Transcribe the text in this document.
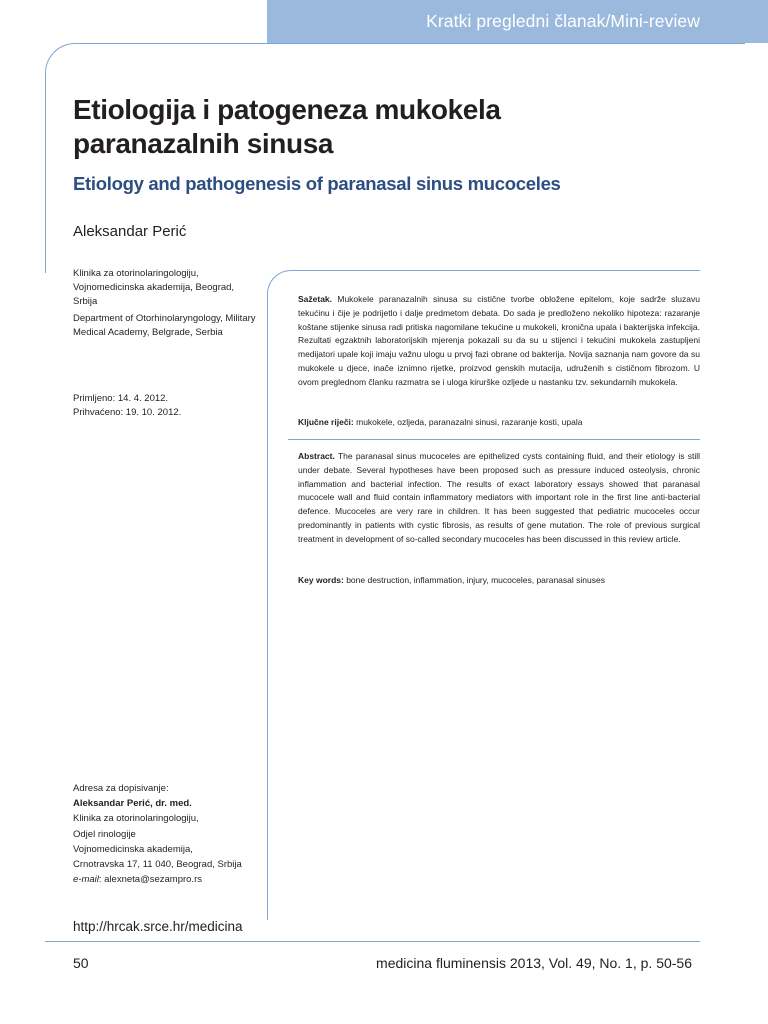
Kratki pregledni članak/Mini-review
Etiologija i patogeneza mukokela paranazalnih sinusa
Etiology and pathogenesis of paranasal sinus mucoceles

Aleksandar Perić

Klinika za otorinolaringologiju, Vojnomedicinska akademija, Beograd, Srbija

Department of Otorhinolaryngology, Military Medical Academy, Belgrade, Serbia

Primljeno: 14. 4. 2012.

Prihvaćeno: 19. 10. 2012.

Sažetak. Mukokele paranazalnih sinusa su cistične tvorbe obložene epitelom, koje sadrže sluzavu tekućinu i čije je podrijetlo i dalje predmetom debata. Do sada je predloženo nekoliko hipoteza: razaranje koštane stijenke sinusa radi pritiska nagomilane tekućine u mukokeli, kronična upala i bakterijska infekcija. Rezultati egzaktnih laboratorijskih mjerenja pokazali su da su u stijenci i tekućini mukokela zastupljeni medijatori upale koji imaju važnu ulogu u prvoj fazi obrane od bakterija. Novija saznanja nam govore da su mukokele u djece, inače iznimno rijetke, proizvod genskih mutacija, udruženih s cističnom fibrozom. U ovom preglednom članku razmatra se i uloga kirurške ozljede u nastanku tzv. sekundarnih mukokela.

Ključne riječi: mukokele, ozljeda, paranazalni sinusi, razaranje kosti, upala

Abstract. The paranasal sinus mucoceles are epithelized cysts containing fluid, and their etiology is still under debate. Several hypotheses have been proposed such as pressure induced osteolysis, chronic inflammation and bacterial infection. The results of exact laboratory essays showed that paranasal mucocele wall and fluid contain inflammatory mediators with important role in the first line anti-bacterial defence. Mucoceles are very rare in children. It has been suggested that pediatric mucoceles occur predominantly in patients with cystic fibrosis, as results of gene mutation. The role of previous surgical treatment in development of so-called secondary mucoceles has been discussed in this review article.

Key words: bone destruction, inflammation, injury, mucoceles, paranasal sinuses

Adresa za dopisivanje:

Aleksandar Perić, dr. med.

Klinika za otorinolaringologiju,

Odjel rinologije

Vojnomedicinska akademija,

Crnotravska 17, 11 040, Beograd, Srbija

e-mail: alexneta@sezampro.rs

http://hrcak.srce.hr/medicina

50	medicina fluminensis 2013, Vol. 49, No. 1, p. 50-56
